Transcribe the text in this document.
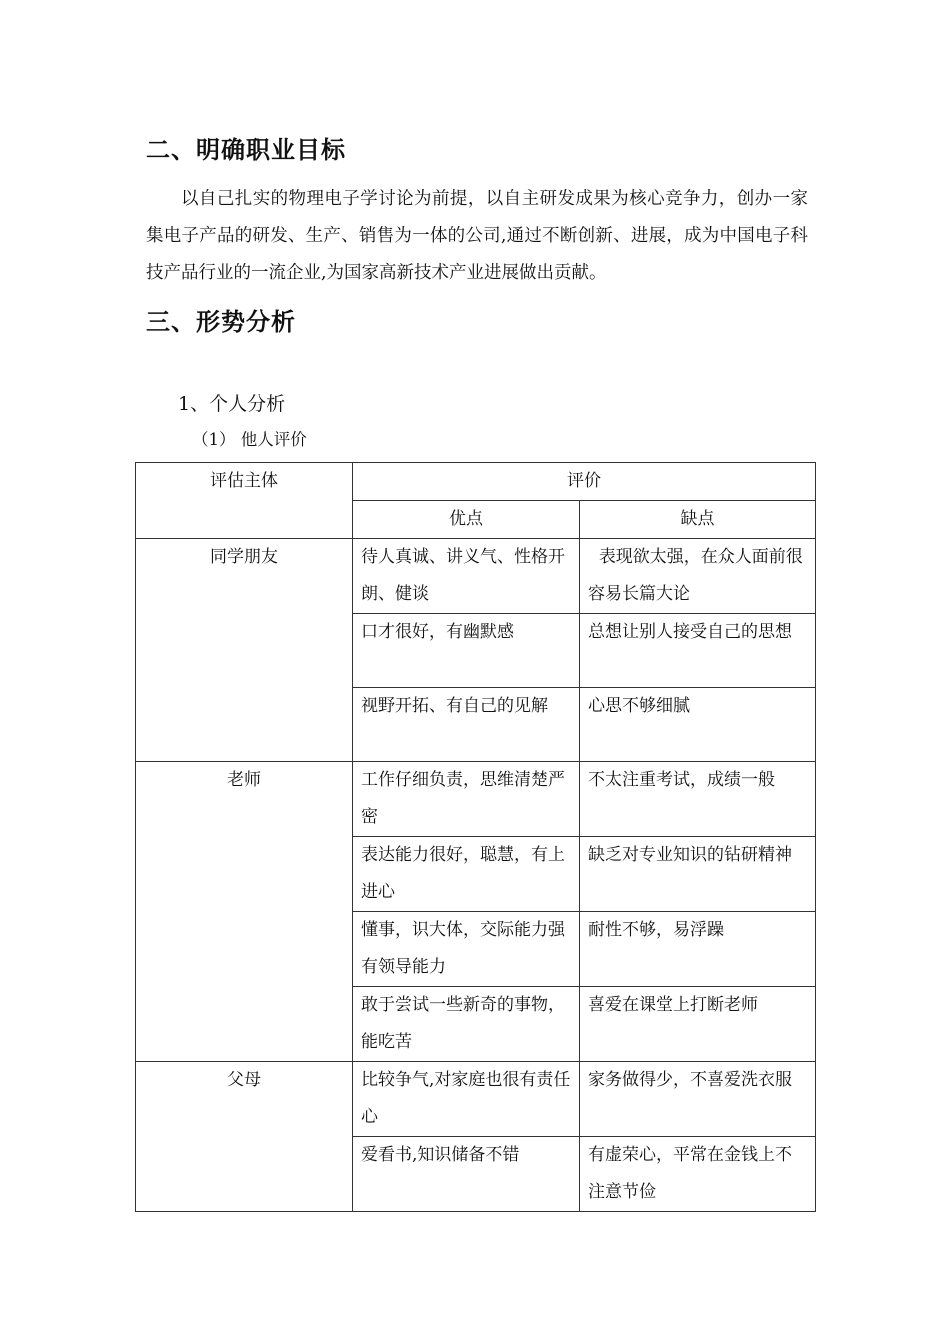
二、明确职业目标

以自己扎实的物理电子学讨论为前提，以自主研发成果为核心竞争力，创办一家集电子产品的研发、生产、销售为一体的公司,通过不断创新、进展，成为中国电子科技产品行业的一流企业,为国家高新技术产业进展做出贡献。

三、形势分析

1、个人分析

（1） 他人评价

评估主体	评价	
	优点	缺点
同学朋友	待人真诚、讲义气、性格开朗、健谈	表现欲太强，在众人面前很容易长篇大论
	口才很好，有幽默感	总想让别人接受自己的思想
	视野开拓、有自己的见解	心思不够细腻
老师	工作仔细负责，思维清楚严密	不太注重考试，成绩一般
	表达能力很好，聪慧，有上进心	缺乏对专业知识的钻研精神
	懂事，识大体，交际能力强有领导能力	耐性不够，易浮躁
	敢于尝试一些新奇的事物，能吃苦	喜爱在课堂上打断老师
父母	比较争气,对家庭也很有责任心	家务做得少，不喜爱洗衣服
	爱看书,知识储备不错	有虚荣心，平常在金钱上不注意节俭
